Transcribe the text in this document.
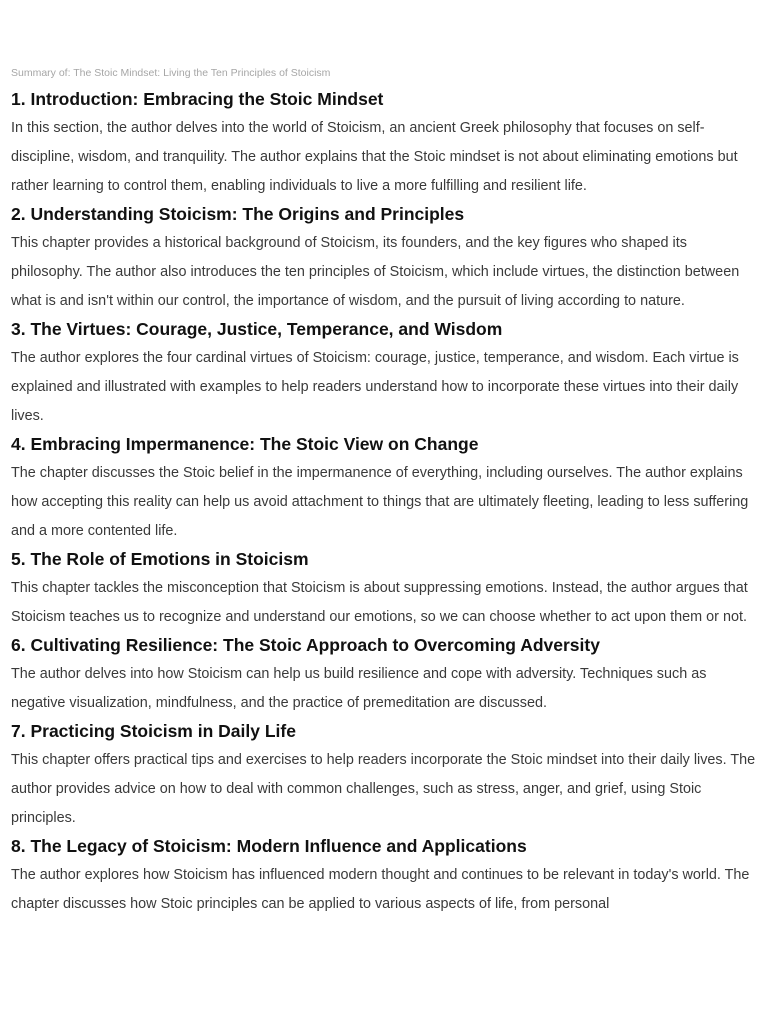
Summary of: The Stoic Mindset: Living the Ten Principles of Stoicism
1. Introduction: Embracing the Stoic Mindset
In this section, the author delves into the world of Stoicism, an ancient Greek philosophy that focuses on self-discipline, wisdom, and tranquility. The author explains that the Stoic mindset is not about eliminating emotions but rather learning to control them, enabling individuals to live a more fulfilling and resilient life.
2. Understanding Stoicism: The Origins and Principles
This chapter provides a historical background of Stoicism, its founders, and the key figures who shaped its philosophy. The author also introduces the ten principles of Stoicism, which include virtues, the distinction between what is and isn't within our control, the importance of wisdom, and the pursuit of living according to nature.
3. The Virtues: Courage, Justice, Temperance, and Wisdom
The author explores the four cardinal virtues of Stoicism: courage, justice, temperance, and wisdom. Each virtue is explained and illustrated with examples to help readers understand how to incorporate these virtues into their daily lives.
4. Embracing Impermanence: The Stoic View on Change
The chapter discusses the Stoic belief in the impermanence of everything, including ourselves. The author explains how accepting this reality can help us avoid attachment to things that are ultimately fleeting, leading to less suffering and a more contented life.
5. The Role of Emotions in Stoicism
This chapter tackles the misconception that Stoicism is about suppressing emotions. Instead, the author argues that Stoicism teaches us to recognize and understand our emotions, so we can choose whether to act upon them or not.
6. Cultivating Resilience: The Stoic Approach to Overcoming Adversity
The author delves into how Stoicism can help us build resilience and cope with adversity. Techniques such as negative visualization, mindfulness, and the practice of premeditation are discussed.
7. Practicing Stoicism in Daily Life
This chapter offers practical tips and exercises to help readers incorporate the Stoic mindset into their daily lives. The author provides advice on how to deal with common challenges, such as stress, anger, and grief, using Stoic principles.
8. The Legacy of Stoicism: Modern Influence and Applications
The author explores how Stoicism has influenced modern thought and continues to be relevant in today's world. The chapter discusses how Stoic principles can be applied to various aspects of life, from personal
